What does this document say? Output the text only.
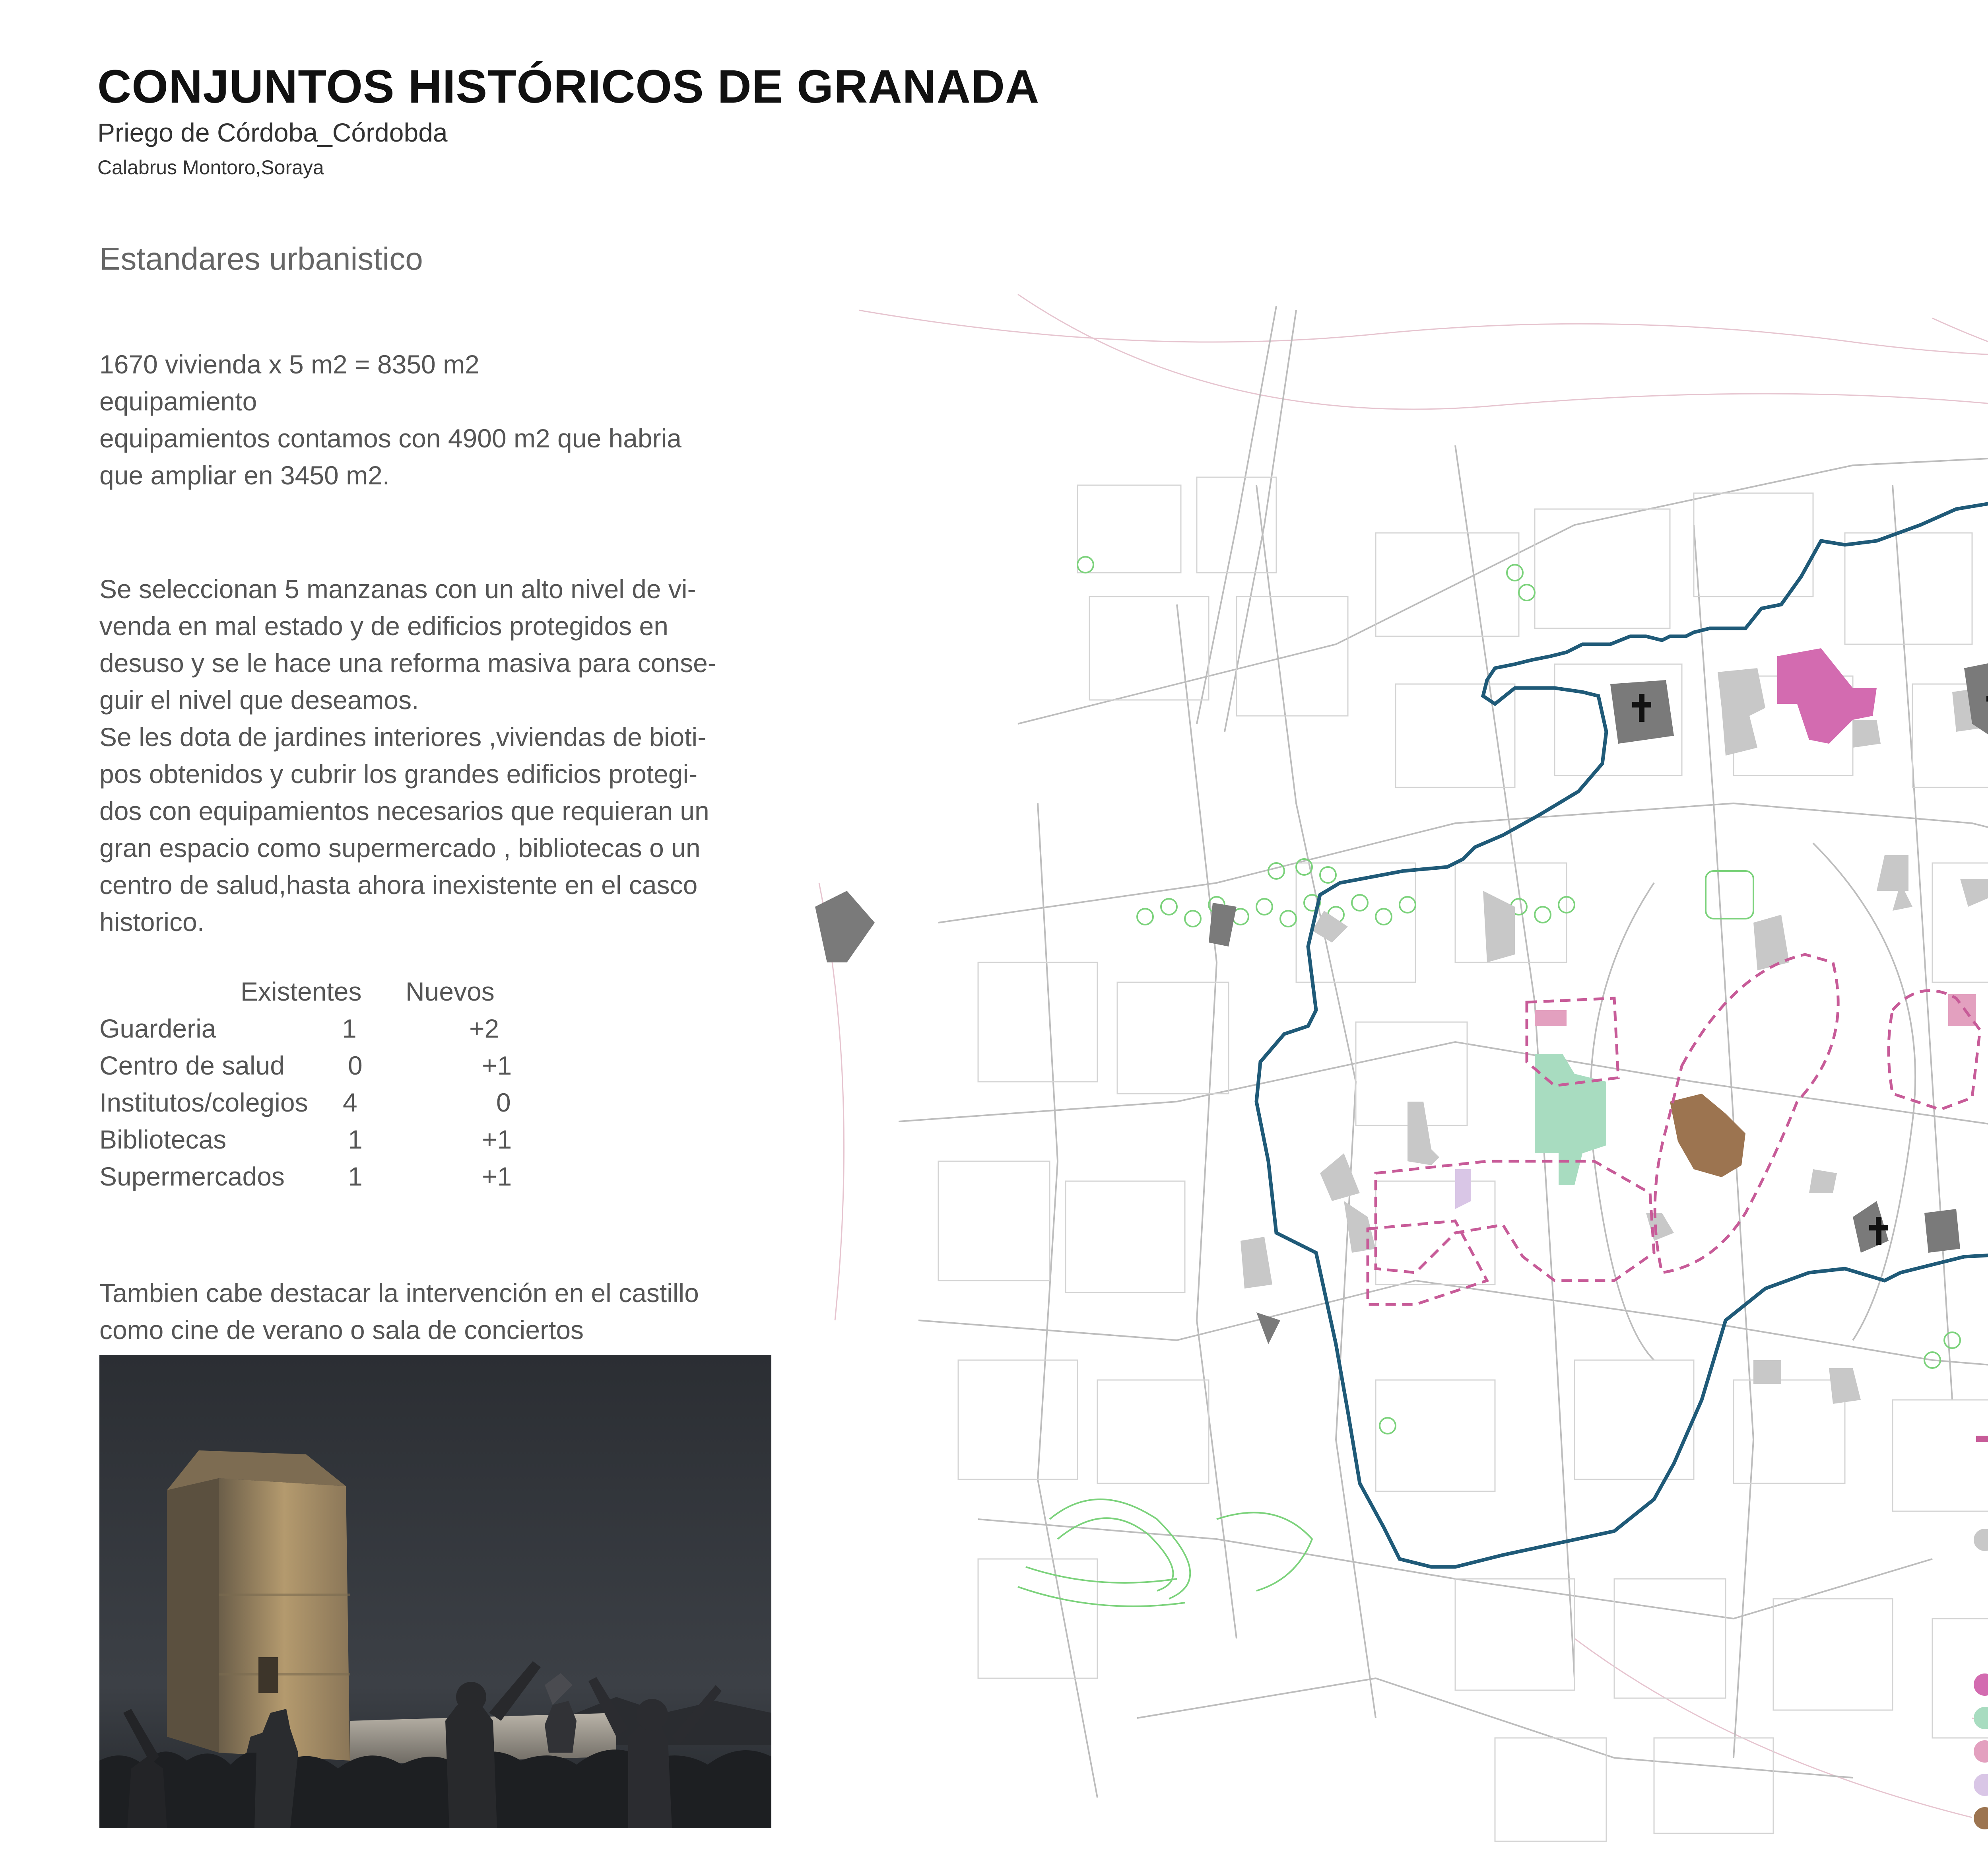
CONJUNTOS HISTÓRICOS DE GRANADA
Priego de Córdoba_Córdobda
Calabrus Montoro,Soraya
Estandares urbanistico

1670 vivienda x 5 m2 = 8350 m2
equipamiento
equipamientos contamos con 4900 m2 que habria
que ampliar en 3450 m2.

Se seleccionan 5 manzanas con un alto nivel de vi-
venda en mal estado y de edificios protegidos en
desuso y se le hace una reforma masiva para conse-
guir el nivel que deseamos.
Se les dota de jardines interiores ,viviendas de bioti-
pos obtenidos y cubrir los grandes edificios protegi-
dos con equipamientos necesarios que requieran un
gran espacio como supermercado , bibliotecas o un
centro de salud,hasta ahora inexistente en el casco
historico.

Existentes Nuevos
Guarderia	1	+2
Centro de salud 0	+1
Institutos/colegios 4	0
Bibliotecas	1	+1
Supermercados 1	+1

Tambien cabe destacar la intervención en el castillo
como cine de verano o sala de conciertos
